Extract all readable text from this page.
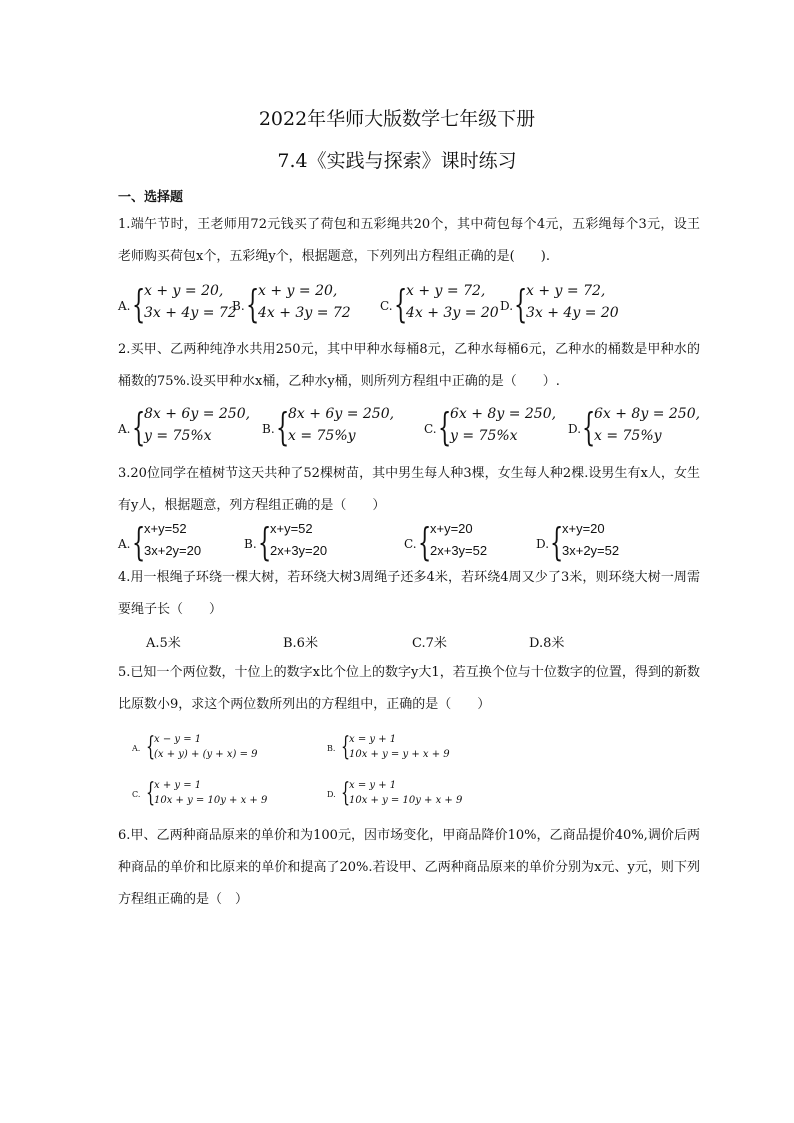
2022年华师大版数学七年级下册
7.4《实践与探索》课时练习
一、选择题

1.端午节时，王老师用72元钱买了荷包和五彩绳共20个，其中荷包每个4元，五彩绳每个3元，设王老师购买荷包x个，五彩绳y个，根据题意，下列列出方程组正确的是(　　).

A. {
x + y = 20,
3x + 4y = 72
B. {
x + y = 20,
4x + 3y = 72 C. {
x + y = 72,
4x + 3y = 20 D. {
x + y = 72,
3x + 4y = 20

2.买甲、乙两种纯净水共用250元，其中甲种水每桶8元，乙种水每桶6元，乙种水的桶数是甲种水的桶数的75%.设买甲种水x桶，乙种水y桶，则所列方程组中正确的是（　　）.

A. {
8x + 6y = 250,
y = 75%x	B. {
8x + 6y = 250,
x = 75%y	C. {
6x + 8y = 250,
y = 75%x	D. {
6x + 8y = 250,
x = 75%y

3.20位同学在植树节这天共种了52棵树苗，其中男生每人种3棵，女生每人种2棵.设男生有x人，女生有y人，根据题意，列方程组正确的是（　　）

A. {
x+y=52
3x+2y=20	B. {
x+y=52
2x+3y=20	C. {
x+y=20
2x+3y=52	D. {
x+y=20
3x+2y=52

4.用一根绳子环绕一棵大树，若环绕大树3周绳子还多4米，若环绕4周又少了3米，则环绕大树一周需要绳子长（　　）

A.5米	B.6米	C.7米	D.8米

5.已知一个两位数，十位上的数字x比个位上的数字y大1，若互换个位与十位数字的位置，得到的新数比原数小9，求这个两位数所列出的方程组中，正确的是（　　）

A. {
x − y = 1
(x + y) + (y + x) = 9
B. {
x = y + 1
10x + y = y + x + 9
C. {
x + y = 1
10x + y = 10y + x + 9
D. {
x = y + 1
10x + y = 10y + x + 9

6.甲、乙两种商品原来的单价和为100元，因市场变化，甲商品降价10%，乙商品提价40%,调价后两种商品的单价和比原来的单价和提高了20%.若设甲、乙两种商品原来的单价分别为x元、y元，则下列方程组正确的是（　）
